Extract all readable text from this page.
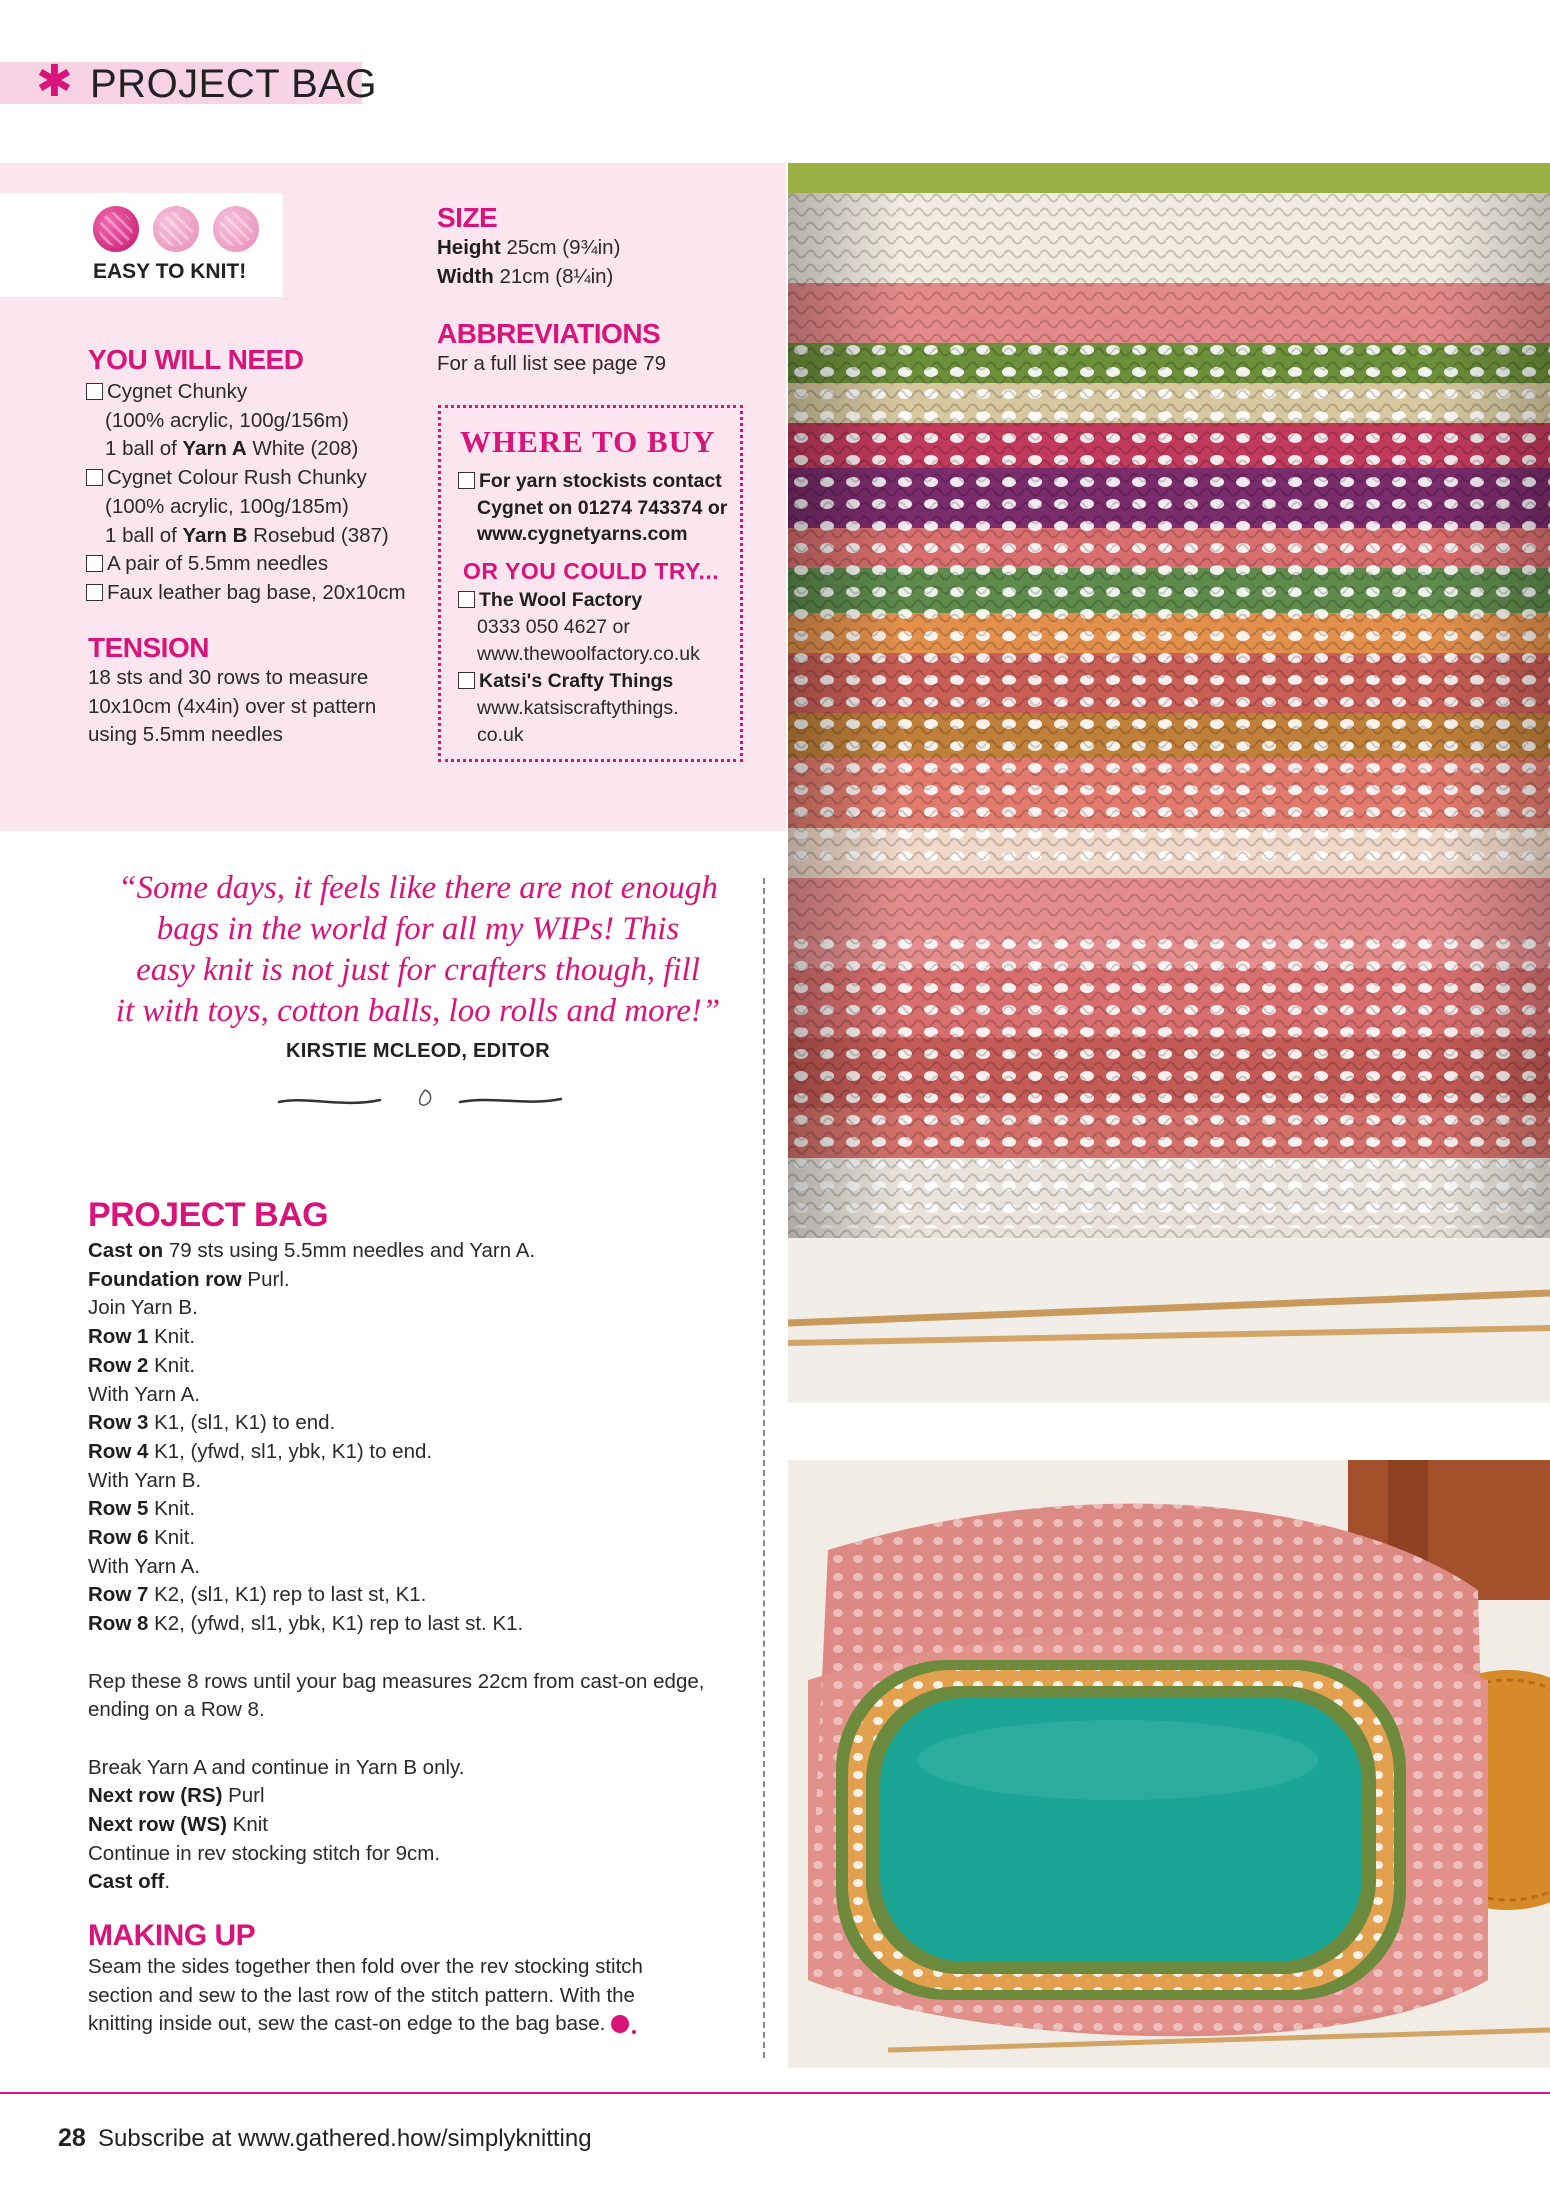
✱ PROJECT BAG
EASY TO KNIT!
YOU WILL NEED
Cygnet Chunky
(100% acrylic, 100g/156m)
1 ball of Yarn A White (208)
Cygnet Colour Rush Chunky
(100% acrylic, 100g/185m)
1 ball of Yarn B Rosebud (387)
A pair of 5.5mm needles
Faux leather bag base, 20x10cm
TENSION
18 sts and 30 rows to measure
10x10cm (4x4in) over st pattern
using 5.5mm needles
SIZE
Height 25cm (9¾in)
Width 21cm (8¼in)
ABBREVIATIONS
For a full list see page 79
WHERE TO BUY
For yarn stockists contact
Cygnet on 01274 743374 or
www.cygnetyarns.com
OR YOU COULD TRY...
The Wool Factory
0333 050 4627 or
www.thewoolfactory.co.uk
Katsi's Crafty Things
www.katsiscraftythings.
co.uk
“Some days, it feels like there are not enough
bags in the world for all my WIPs! This
easy knit is not just for crafters though, fill
it with toys, cotton balls, loo rolls and more!”
KIRSTIE MCLEOD, EDITOR
PROJECT BAG
Cast on 79 sts using 5.5mm needles and Yarn A.
Foundation row Purl.
Join Yarn B.
Row 1 Knit.
Row 2 Knit.
With Yarn A.
Row 3 K1, (sl1, K1) to end.
Row 4 K1, (yfwd, sl1, ybk, K1) to end.
With Yarn B.
Row 5 Knit.
Row 6 Knit.
With Yarn A.
Row 7 K2, (sl1, K1) rep to last st, K1.
Row 8 K2, (yfwd, sl1, ybk, K1) rep to last st. K1.
Rep these 8 rows until your bag measures 22cm from cast-on edge,
ending on a Row 8.
Break Yarn A and continue in Yarn B only.
Next row (RS) Purl
Next row (WS) Knit
Continue in rev stocking stitch for 9cm.
Cast off.
MAKING UP
Seam the sides together then fold over the rev stocking stitch
section and sew to the last row of the stitch pattern. With the
knitting inside out, sew the cast-on edge to the bag base.
28 Subscribe at www.gathered.how/simplyknitting
